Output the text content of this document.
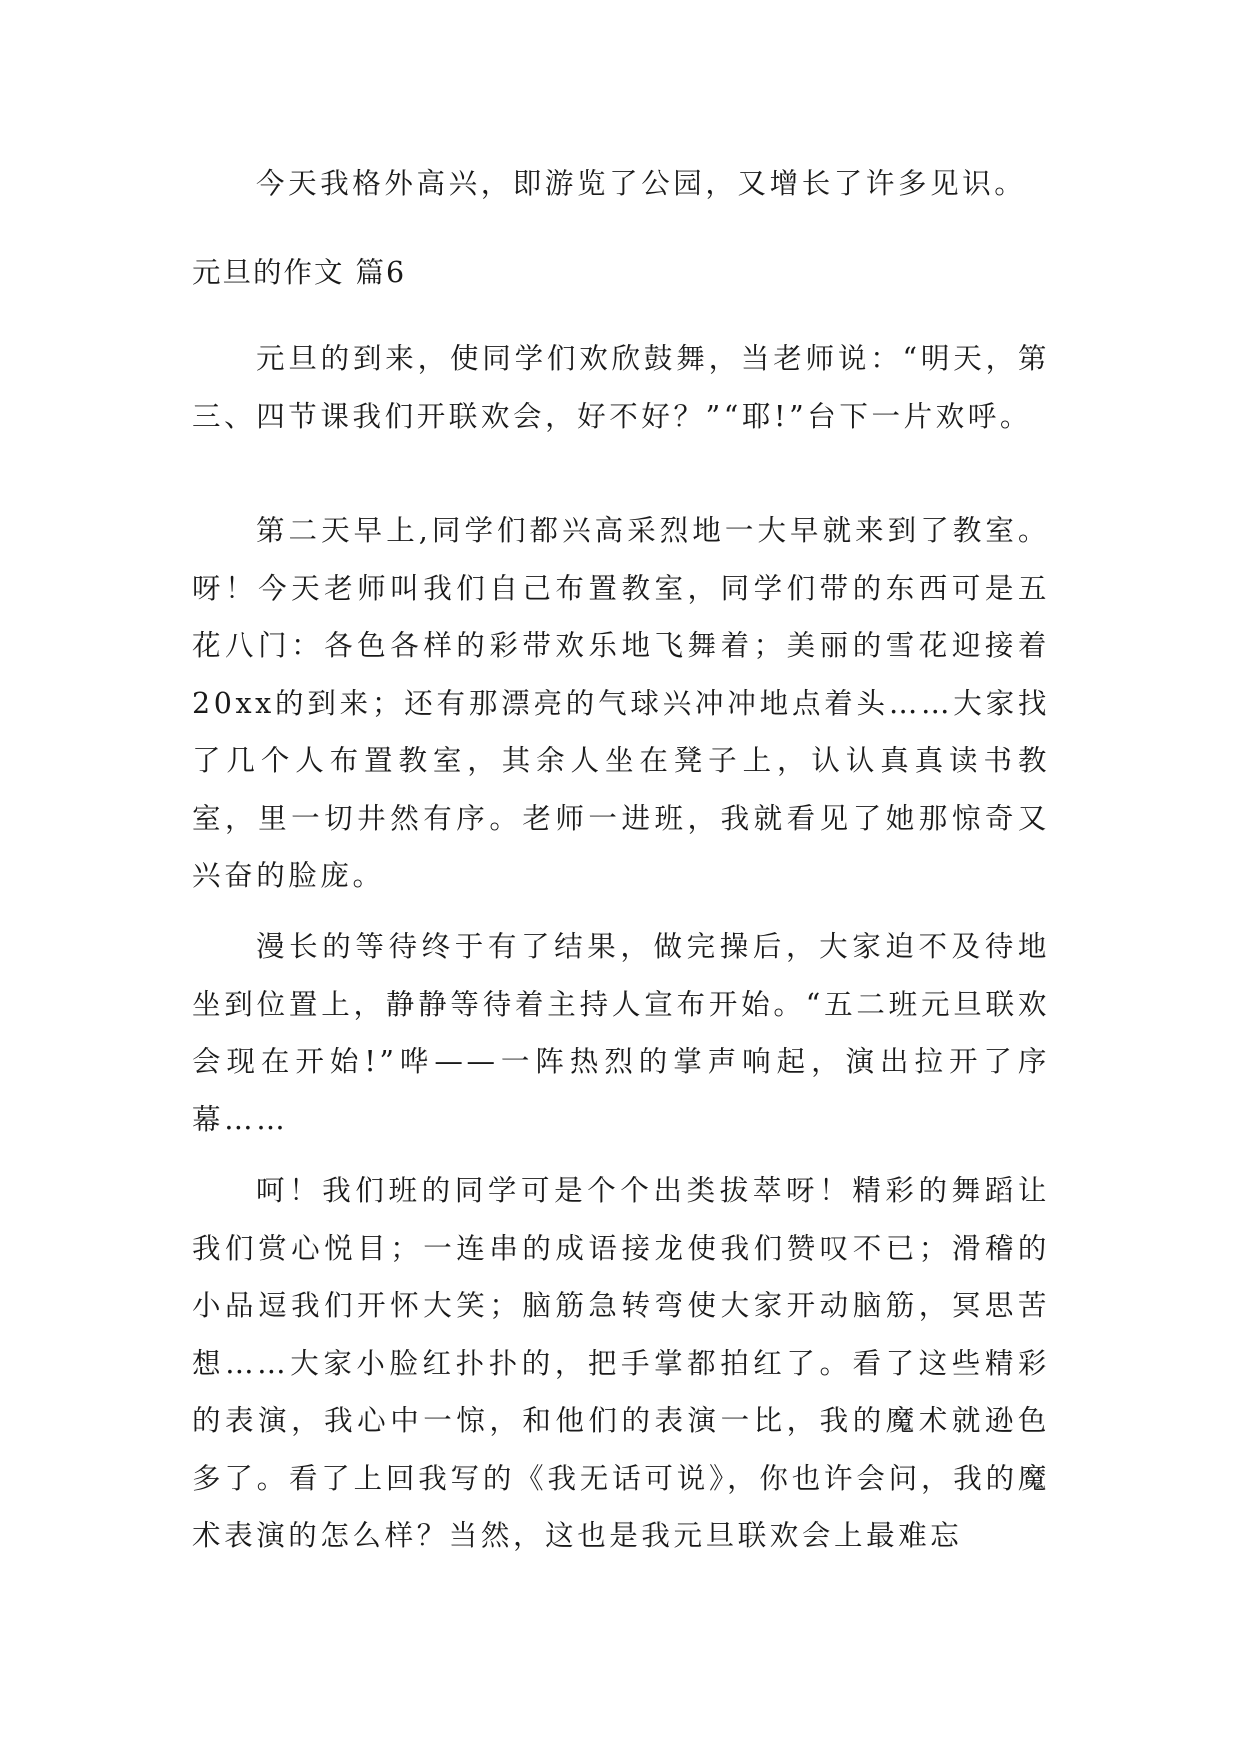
今天我格外高兴，即游览了公园，又增长了许多见识。

元旦的作文 篇6

元旦的到来，使同学们欢欣鼓舞，当老师说：“明天，第三、四节课我们开联欢会，好不好？”“耶!”台下一片欢呼。

第二天早上,同学们都兴高采烈地一大早就来到了教室。呀！今天老师叫我们自己布置教室，同学们带的东西可是五花八门：各色各样的彩带欢乐地飞舞着；美丽的雪花迎接着20xx的到来；还有那漂亮的气球兴冲冲地点着头……大家找了几个人布置教室，其余人坐在凳子上，认认真真读书教室，里一切井然有序。老师一进班，我就看见了她那惊奇又兴奋的脸庞。

漫长的等待终于有了结果，做完操后，大家迫不及待地坐到位置上，静静等待着主持人宣布开始。“五二班元旦联欢会现在开始!”哗——一阵热烈的掌声响起，演出拉开了序幕……

呵！我们班的同学可是个个出类拔萃呀！精彩的舞蹈让我们赏心悦目；一连串的成语接龙使我们赞叹不已；滑稽的小品逗我们开怀大笑；脑筋急转弯使大家开动脑筋，冥思苦想……大家小脸红扑扑的，把手掌都拍红了。看了这些精彩的表演，我心中一惊，和他们的表演一比，我的魔术就逊色多了。看了上回我写的《我无话可说》，你也许会问，我的魔术表演的怎么样？当然，这也是我元旦联欢会上最难忘
